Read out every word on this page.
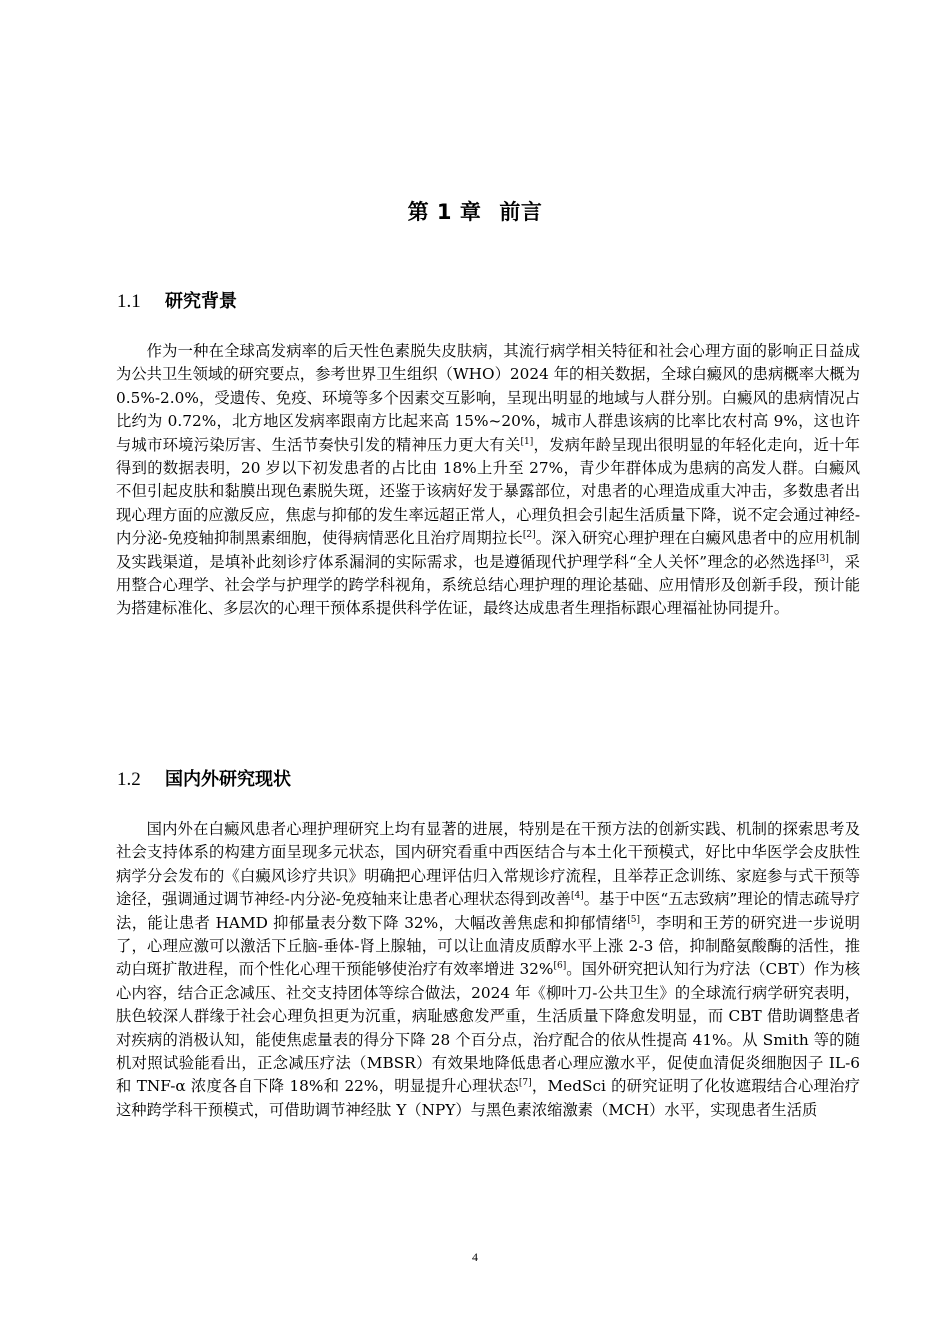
第 1 章 前言
1.1 研究背景

作为一种在全球高发病率的后天性色素脱失皮肤病，其流行病学相关特征和社会心理方面的影响正日益成为公共卫生领域的研究要点，参考世界卫生组织（WHO）2024 年的相关数据，全球白癜风的患病概率大概为 0.5%-2.0%，受遗传、免疫、环境等多个因素交互影响，呈现出明显的地域与人群分别。白癜风的患病情况占比约为 0.72%，北方地区发病率跟南方比起来高 15%~20%，城市人群患该病的比率比农村高 9%，这也许与城市环境污染厉害、生活节奏快引发的精神压力更大有关[1]，发病年龄呈现出很明显的年轻化走向，近十年得到的数据表明，20 岁以下初发患者的占比由 18%上升至 27%，青少年群体成为患病的高发人群。白癜风不但引起皮肤和黏膜出现色素脱失斑，还鉴于该病好发于暴露部位，对患者的心理造成重大冲击，多数患者出现心理方面的应激反应，焦虑与抑郁的发生率远超正常人，心理负担会引起生活质量下降，说不定会通过神经-内分泌-免疫轴抑制黑素细胞，使得病情恶化且治疗周期拉长[2]。深入研究心理护理在白癜风患者中的应用机制及实践渠道，是填补此刻诊疗体系漏洞的实际需求，也是遵循现代护理学科“全人关怀”理念的必然选择[3]，采用整合心理学、社会学与护理学的跨学科视角，系统总结心理护理的理论基础、应用情形及创新手段，预计能为搭建标准化、多层次的心理干预体系提供科学佐证，最终达成患者生理指标跟心理福祉协同提升。

1.2 国内外研究现状

国内外在白癜风患者心理护理研究上均有显著的进展，特别是在干预方法的创新实践、机制的探索思考及社会支持体系的构建方面呈现多元状态，国内研究看重中西医结合与本土化干预模式，好比中华医学会皮肤性病学分会发布的《白癜风诊疗共识》明确把心理评估归入常规诊疗流程，且举荐正念训练、家庭参与式干预等途径，强调通过调节神经-内分泌-免疫轴来让患者心理状态得到改善[4]。基于中医“五志致病”理论的情志疏导疗法，能让患者 HAMD 抑郁量表分数下降 32%，大幅改善焦虑和抑郁情绪[5]，李明和王芳的研究进一步说明了，心理应激可以激活下丘脑-垂体-肾上腺轴，可以让血清皮质醇水平上涨 2-3 倍，抑制酪氨酸酶的活性，推动白斑扩散进程，而个性化心理干预能够使治疗有效率增进 32%[6]。国外研究把认知行为疗法（CBT）作为核心内容，结合正念减压、社交支持团体等综合做法，2024 年《柳叶刀-公共卫生》的全球流行病学研究表明，肤色较深人群缘于社会心理负担更为沉重，病耻感愈发严重，生活质量下降愈发明显，而 CBT 借助调整患者对疾病的消极认知，能使焦虑量表的得分下降 28 个百分点，治疗配合的依从性提高 41%。从 Smith 等的随机对照试验能看出，正念减压疗法（MBSR）有效果地降低患者心理应激水平，促使血清促炎细胞因子 IL-6 和 TNF-α 浓度各自下降 18%和 22%，明显提升心理状态[7]，MedSci 的研究证明了化妆遮瑕结合心理治疗这种跨学科干预模式，可借助调节神经肽 Y（NPY）与黑色素浓缩激素（MCH）水平，实现患者生活质

4
